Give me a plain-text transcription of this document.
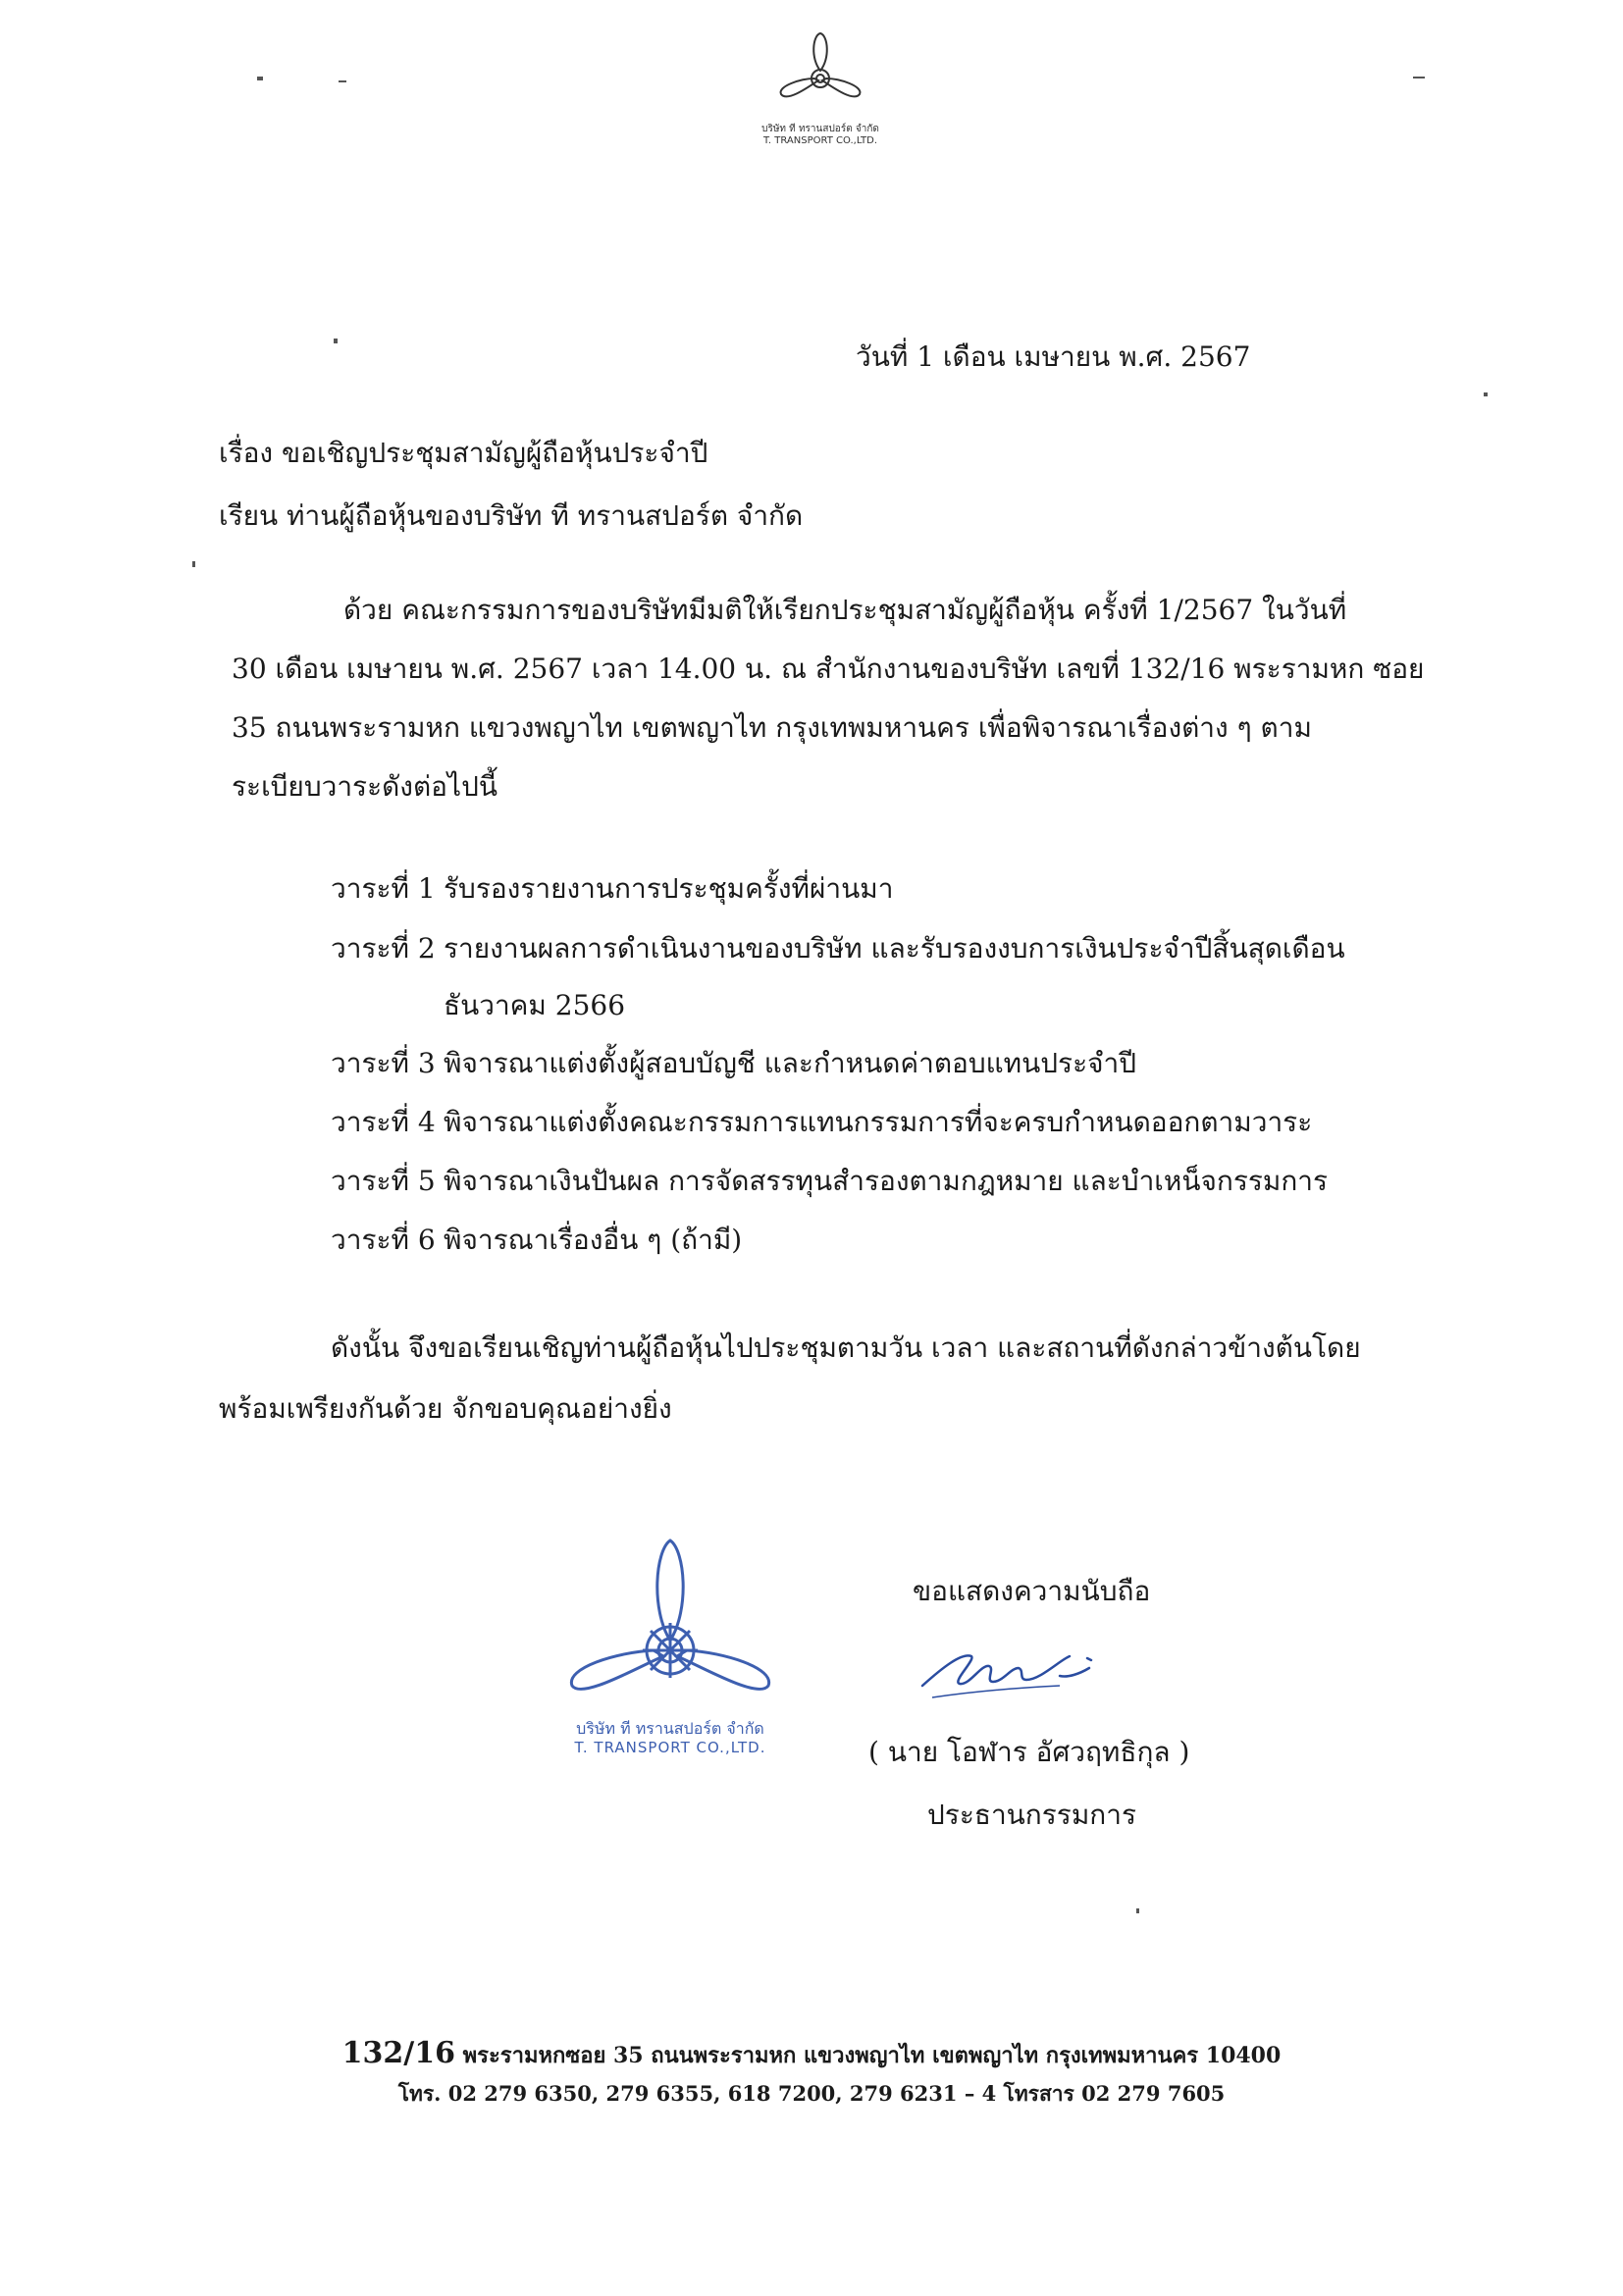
บริษัท ที ทรานสปอร์ต จำกัด
T. TRANSPORT CO.,LTD.
วันที่ 1 เดือน เมษายน พ.ศ. 2567
เรื่อง ขอเชิญประชุมสามัญผู้ถือหุ้นประจำปี
เรียน ท่านผู้ถือหุ้นของบริษัท ที ทรานสปอร์ต จำกัด
ด้วย คณะกรรมการของบริษัทมีมติให้เรียกประชุมสามัญผู้ถือหุ้น ครั้งที่ 1/2567 ในวันที่
30 เดือน เมษายน พ.ศ. 2567 เวลา 14.00 น. ณ สำนักงานของบริษัท เลขที่ 132/16 พระรามหก ซอย
35 ถนนพระรามหก แขวงพญาไท เขตพญาไท กรุงเทพมหานคร เพื่อพิจารณาเรื่องต่าง ๆ ตาม
ระเบียบวาระดังต่อไปนี้
วาระที่ 1 รับรองรายงานการประชุมครั้งที่ผ่านมา
วาระที่ 2 รายงานผลการดำเนินงานของบริษัท และรับรองงบการเงินประจำปีสิ้นสุดเดือน
ธันวาคม 2566
วาระที่ 3 พิจารณาแต่งตั้งผู้สอบบัญชี และกำหนดค่าตอบแทนประจำปี
วาระที่ 4 พิจารณาแต่งตั้งคณะกรรมการแทนกรรมการที่จะครบกำหนดออกตามวาระ
วาระที่ 5 พิจารณาเงินปันผล การจัดสรรทุนสำรองตามกฎหมาย และบำเหน็จกรรมการ
วาระที่ 6 พิจารณาเรื่องอื่น ๆ (ถ้ามี)
ดังนั้น จึงขอเรียนเชิญท่านผู้ถือหุ้นไปประชุมตามวัน เวลา และสถานที่ดังกล่าวข้างต้นโดย
พร้อมเพรียงกันด้วย จักขอบคุณอย่างยิ่ง
บริษัท ที ทรานสปอร์ต จำกัด
T. TRANSPORT CO.,LTD.
ขอแสดงความนับถือ
( นาย โอฬาร อัศวฤทธิกุล )
ประธานกรรมการ
132/16 พระรามหกซอย 35 ถนนพระรามหก แขวงพญาไท เขตพญาไท กรุงเทพมหานคร 10400
โทร. 02 279 6350, 279 6355, 618 7200, 279 6231 – 4 โทรสาร 02 279 7605
